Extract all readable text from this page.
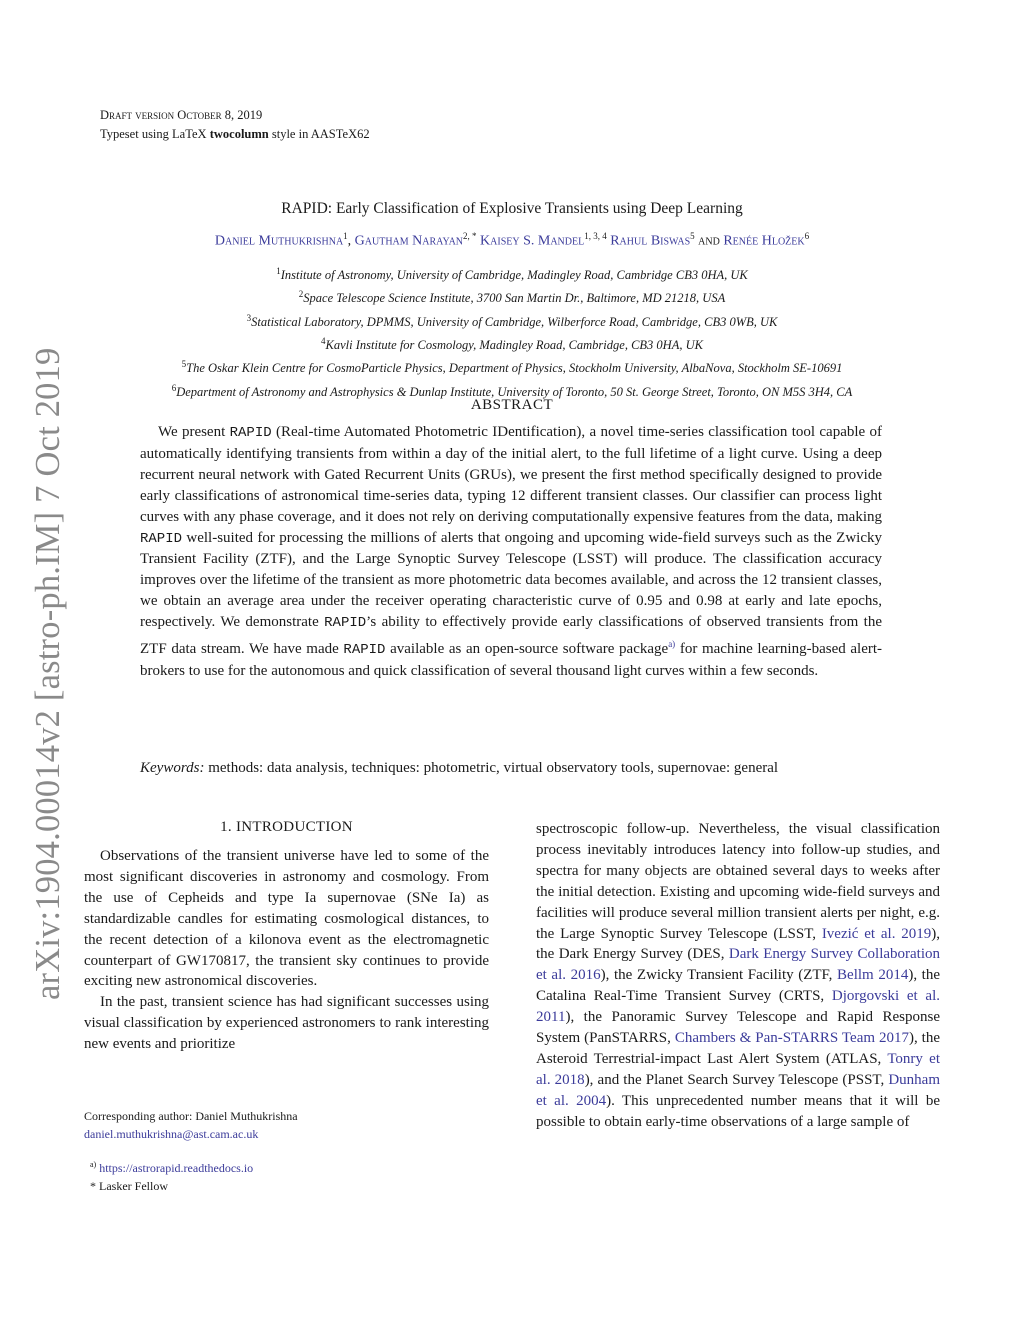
Draft version October 8, 2019
Typeset using LaTeX twocolumn style in AASTeX62
RAPID: Early Classification of Explosive Transients using Deep Learning
Daniel Muthukrishna$^1$, Gautham Narayan$^{2, *}$ Kaisey S. Mandel$^{1, 3, 4}$ Rahul Biswas$^5$ and Renée Hložek$^6$
$^1$Institute of Astronomy, University of Cambridge, Madingley Road, Cambridge CB3 0HA, UK
$^2$Space Telescope Science Institute, 3700 San Martin Dr., Baltimore, MD 21218, USA
$^3$Statistical Laboratory, DPMMS, University of Cambridge, Wilberforce Road, Cambridge, CB3 0WB, UK
$^4$Kavli Institute for Cosmology, Madingley Road, Cambridge, CB3 0HA, UK
$^5$The Oskar Klein Centre for CosmoParticle Physics, Department of Physics, Stockholm University, AlbaNova, Stockholm SE-10691
$^6$Department of Astronomy and Astrophysics & Dunlap Institute, University of Toronto, 50 St. George Street, Toronto, ON M5S 3H4, CA
ABSTRACT
We present RAPID (Real-time Automated Photometric IDentification), a novel time-series classification tool capable of automatically identifying transients from within a day of the initial alert, to the full lifetime of a light curve. Using a deep recurrent neural network with Gated Recurrent Units (GRUs), we present the first method specifically designed to provide early classifications of astronomical time-series data, typing 12 different transient classes. Our classifier can process light curves with any phase coverage, and it does not rely on deriving computationally expensive features from the data, making RAPID well-suited for processing the millions of alerts that ongoing and upcoming wide-field surveys such as the Zwicky Transient Facility (ZTF), and the Large Synoptic Survey Telescope (LSST) will produce. The classification accuracy improves over the lifetime of the transient as more photometric data becomes available, and across the 12 transient classes, we obtain an average area under the receiver operating characteristic curve of 0.95 and 0.98 at early and late epochs, respectively. We demonstrate RAPID’s ability to effectively provide early classifications of observed transients from the ZTF data stream. We have made RAPID available as an open-source software package$^{a)}$ for machine learning-based alert-brokers to use for the autonomous and quick classification of several thousand light curves within a few seconds.
Keywords: methods: data analysis, techniques: photometric, virtual observatory tools, supernovae: general
1. INTRODUCTION

Observations of the transient universe have led to some of the most significant discoveries in astronomy and cosmology. From the use of Cepheids and type Ia supernovae (SNe Ia) as standardizable candles for estimating cosmological distances, to the recent detection of a kilonova event as the electromagnetic counterpart of GW170817, the transient sky continues to provide exciting new astronomical discoveries.

In the past, transient science has had significant successes using visual classification by experienced astronomers to rank interesting new events and prioritize

spectroscopic follow-up. Nevertheless, the visual classification process inevitably introduces latency into follow-up studies, and spectra for many objects are obtained several days to weeks after the initial detection. Existing and upcoming wide-field surveys and facilities will produce several million transient alerts per night, e.g. the Large Synoptic Survey Telescope (LSST, Ivezić et al. 2019), the Dark Energy Survey (DES, Dark Energy Survey Collaboration et al. 2016), the Zwicky Transient Facility (ZTF, Bellm 2014), the Catalina Real-Time Transient Survey (CRTS, Djorgovski et al. 2011), the Panoramic Survey Telescope and Rapid Response System (PanSTARRS, Chambers & Pan-STARRS Team 2017), the Asteroid Terrestrial-impact Last Alert System (ATLAS, Tonry et al. 2018), and the Planet Search Survey Telescope (PSST, Dunham et al. 2004). This unprecedented number means that it will be possible to obtain early-time observations of a large sample of

Corresponding author: Daniel Muthukrishna
daniel.muthukrishna@ast.cam.ac.uk
$^{a)}$ https://astrorapid.readthedocs.io
* Lasker Fellow
arXiv:1904.00014v2 [astro-ph.IM] 7 Oct 2019
